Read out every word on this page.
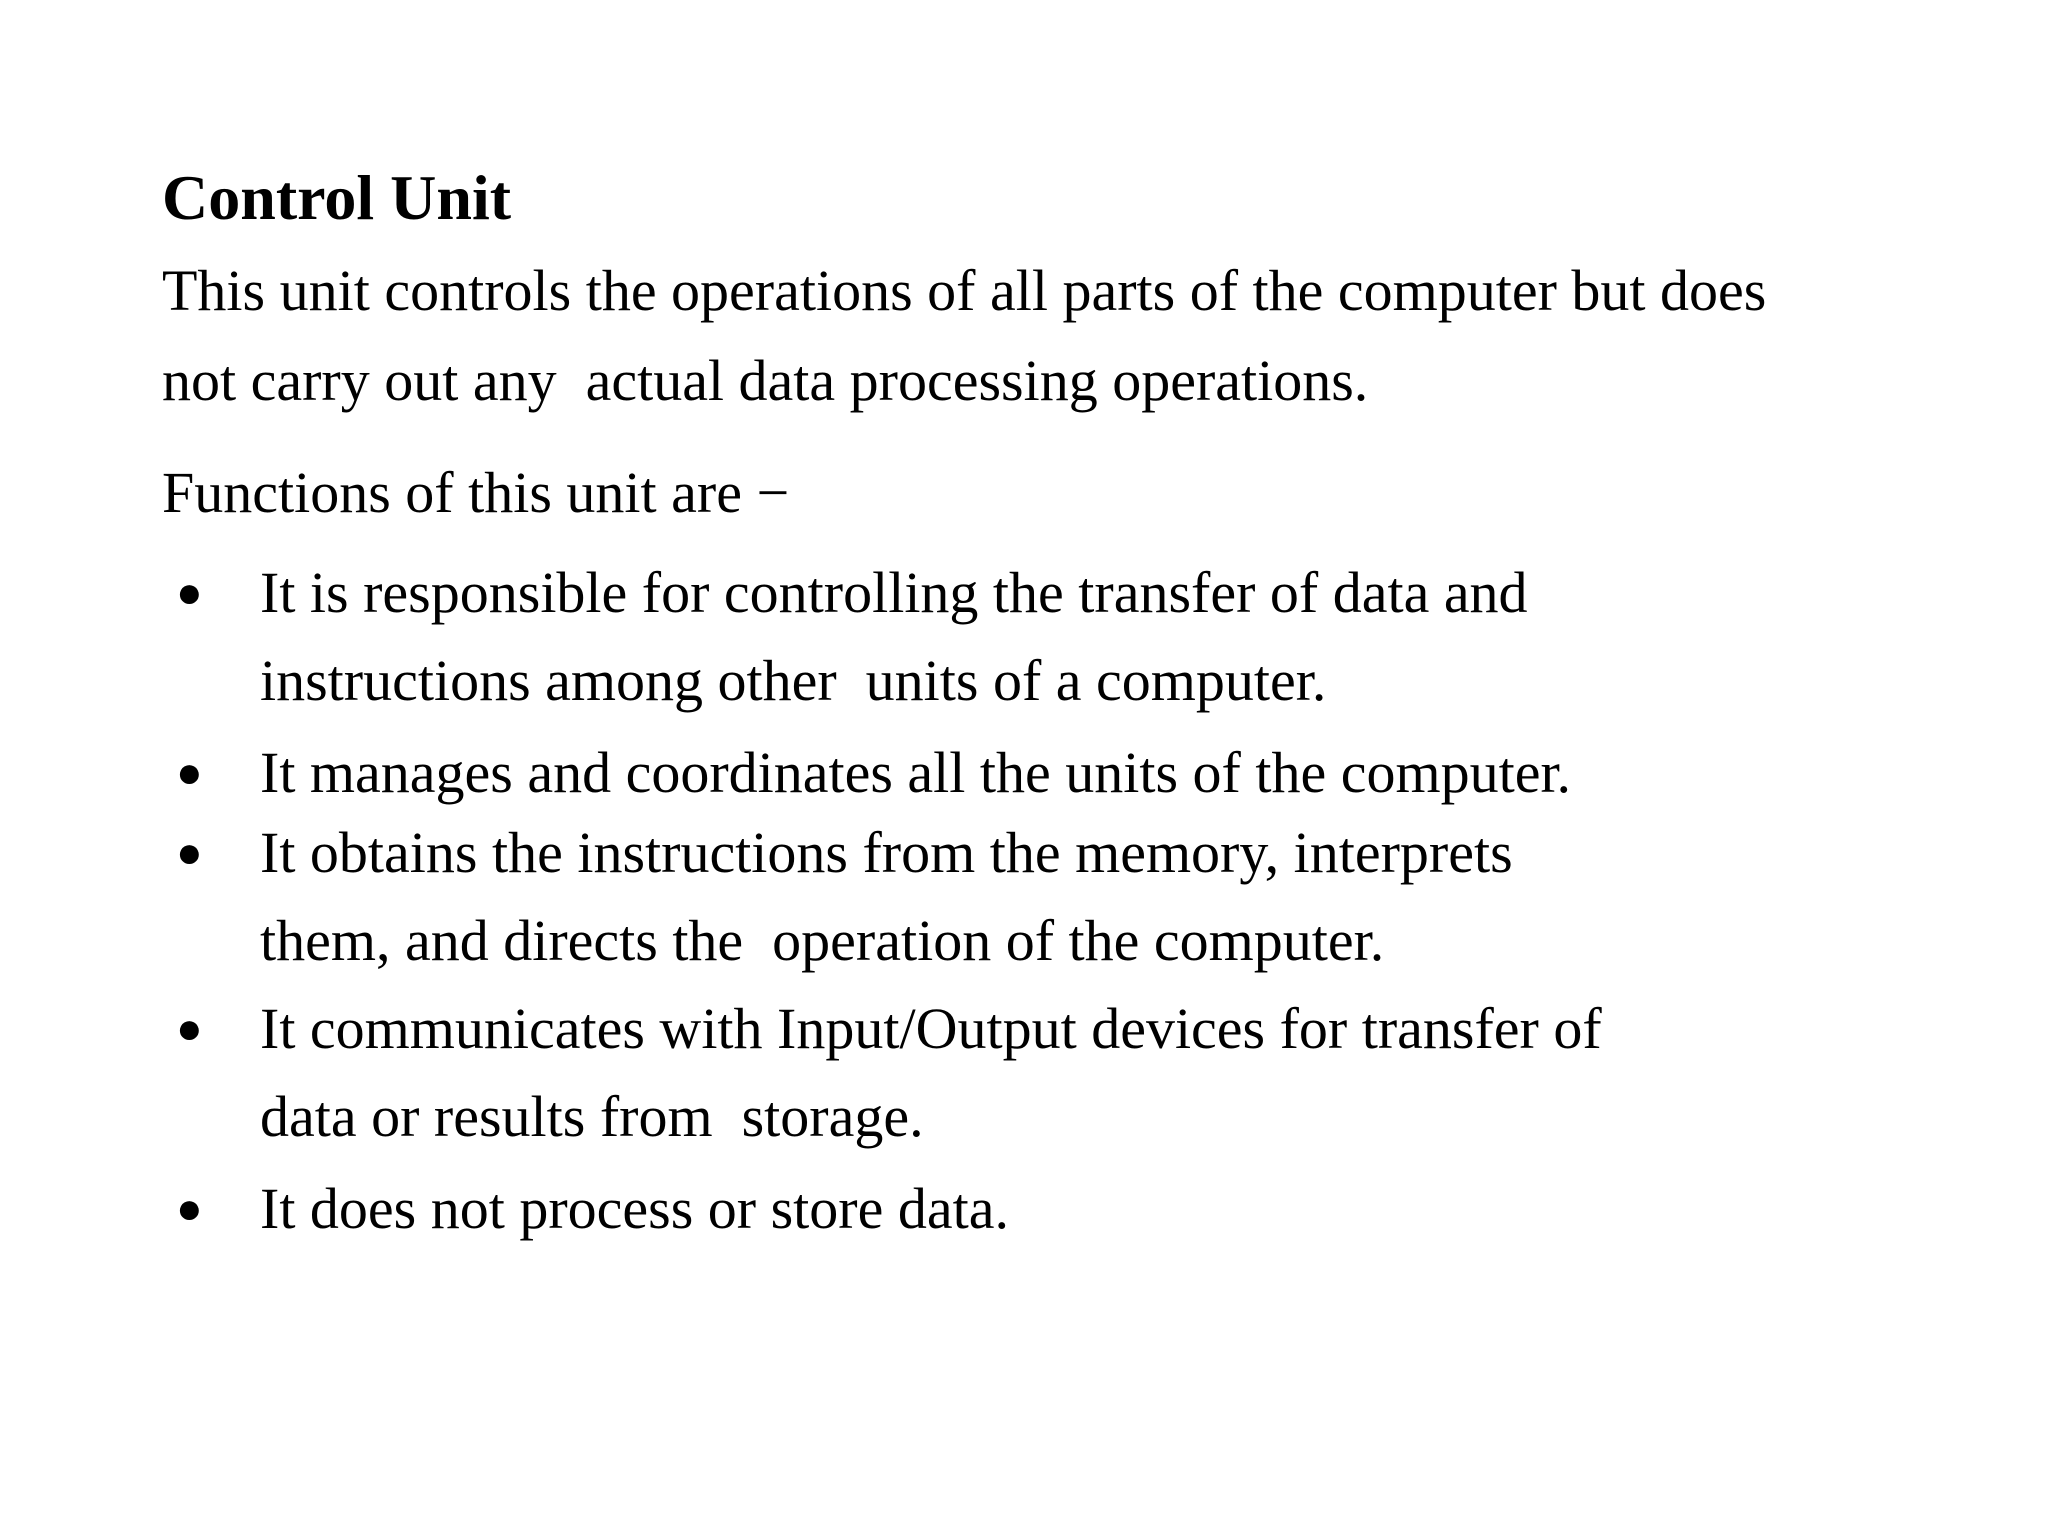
Control Unit

This unit controls the operations of all parts of the computer but does

not carry out any  actual data processing operations.

Functions of this unit are −

● It is responsible for controlling the transfer of data and

instructions among other  units of a computer.

● It manages and coordinates all the units of the computer.

● It obtains the instructions from the memory, interprets

them, and directs the  operation of the computer.

● It communicates with Input/Output devices for transfer of

data or results from  storage.

● It does not process or store data.
